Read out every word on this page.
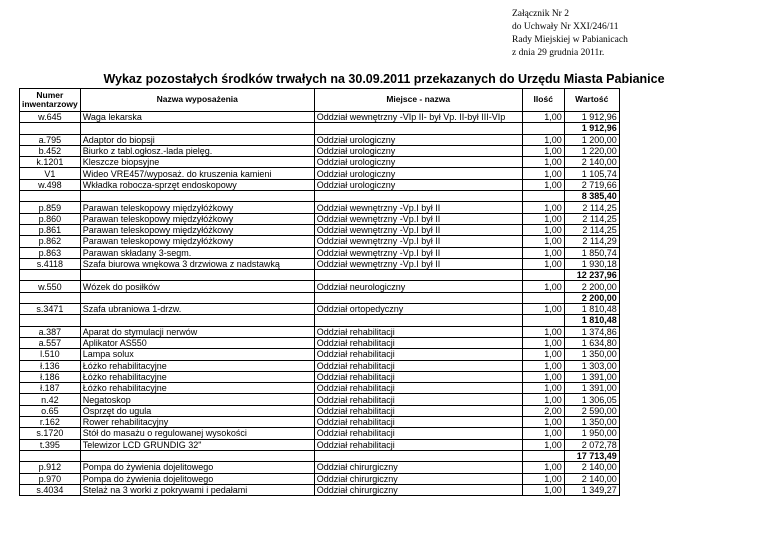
Załącznik Nr 2
do Uchwały Nr XXI/246/11
Rady Miejskiej w Pabianicach
z dnia 29 grudnia 2011r.
Wykaz pozostałych środków trwałych na 30.09.2011 przekazanych do Urzędu Miasta Pabianice
Numer inwentarzowy	Nazwa wyposażenia	Miejsce - nazwa	Ilość	Wartość
w.645	Waga lekarska	Oddział wewnętrzny -VIp II- był Vp. II-był III-VIp	1,00	1 912,96
				1 912,96
a.795	Adaptor do biopsji	Oddział urologiczny	1,00	1 200,00
b.452	Biurko z tabl.ogłosz.-lada pielęg.	Oddział urologiczny	1,00	1 220,00
k.1201	Kleszcze biopsyjne	Oddział urologiczny	1,00	2 140,00
V1	Wideo VRE457/wyposaż. do kruszenia kamieni	Oddział urologiczny	1,00	1 105,74
w.498	Wkładka robocza-sprzęt endoskopowy	Oddział urologiczny	1,00	2 719,66
				8 385,40
p.859	Parawan teleskopowy międzyłóżkowy	Oddział wewnętrzny -Vp.I był II	1,00	2 114,25
p.860	Parawan teleskopowy międzyłóżkowy	Oddział wewnętrzny -Vp.I był II	1,00	2 114,25
p.861	Parawan teleskopowy międzyłóżkowy	Oddział wewnętrzny -Vp.I był II	1,00	2 114,25
p.862	Parawan teleskopowy międzyłóżkowy	Oddział wewnętrzny -Vp.I był II	1,00	2 114,29
p.863	Parawan składany 3-segm.	Oddział wewnętrzny -Vp.I był II	1,00	1 850,74
s.4118	Szafa biurowa wnękowa 3 drzwiowa z nadstawką	Oddział wewnętrzny -Vp.I był II	1,00	1 930,18
				12 237,96
w.550	Wózek do posiłków	Oddział neurologiczny	1,00	2 200,00
				2 200,00
s.3471	Szafa ubraniowa 1-drzw.	Oddział ortopedyczny	1,00	1 810,48
				1 810,48
a.387	Aparat do stymulacji nerwów	Oddział rehabilitacji	1,00	1 374,86
a.557	Aplikator AS550	Oddział rehabilitacji	1,00	1 634,80
l.510	Lampa solux	Oddział rehabilitacji	1,00	1 350,00
ł.136	Łóżko rehabilitacyjne	Oddział rehabilitacji	1,00	1 303,00
ł.186	Łóżko rehabilitacyjne	Oddział rehabilitacji	1,00	1 391,00
ł.187	Łóżko rehabilitacyjne	Oddział rehabilitacji	1,00	1 391,00
n.42	Negatoskop	Oddział rehabilitacji	1,00	1 306,05
o.65	Osprzęt do ugula	Oddział rehabilitacji	2,00	2 590,00
r.162	Rower rehabilitacyjny	Oddział rehabilitacji	1,00	1 350,00
s.1720	Stół do masażu o regulowanej wysokości	Oddział rehabilitacji	1,00	1 950,00
t.395	Telewizor LCD GRUNDIG 32"	Oddział rehabilitacji	1,00	2 072,78
				17 713,49
p.912	Pompa do żywienia dojelitowego	Oddział chirurgiczny	1,00	2 140,00
p.970	Pompa do żywienia dojelitowego	Oddział chirurgiczny	1,00	2 140,00
s.4034	Stelaż na 3 worki z pokrywami i pedałami	Oddział chirurgiczny	1,00	1 349,27
